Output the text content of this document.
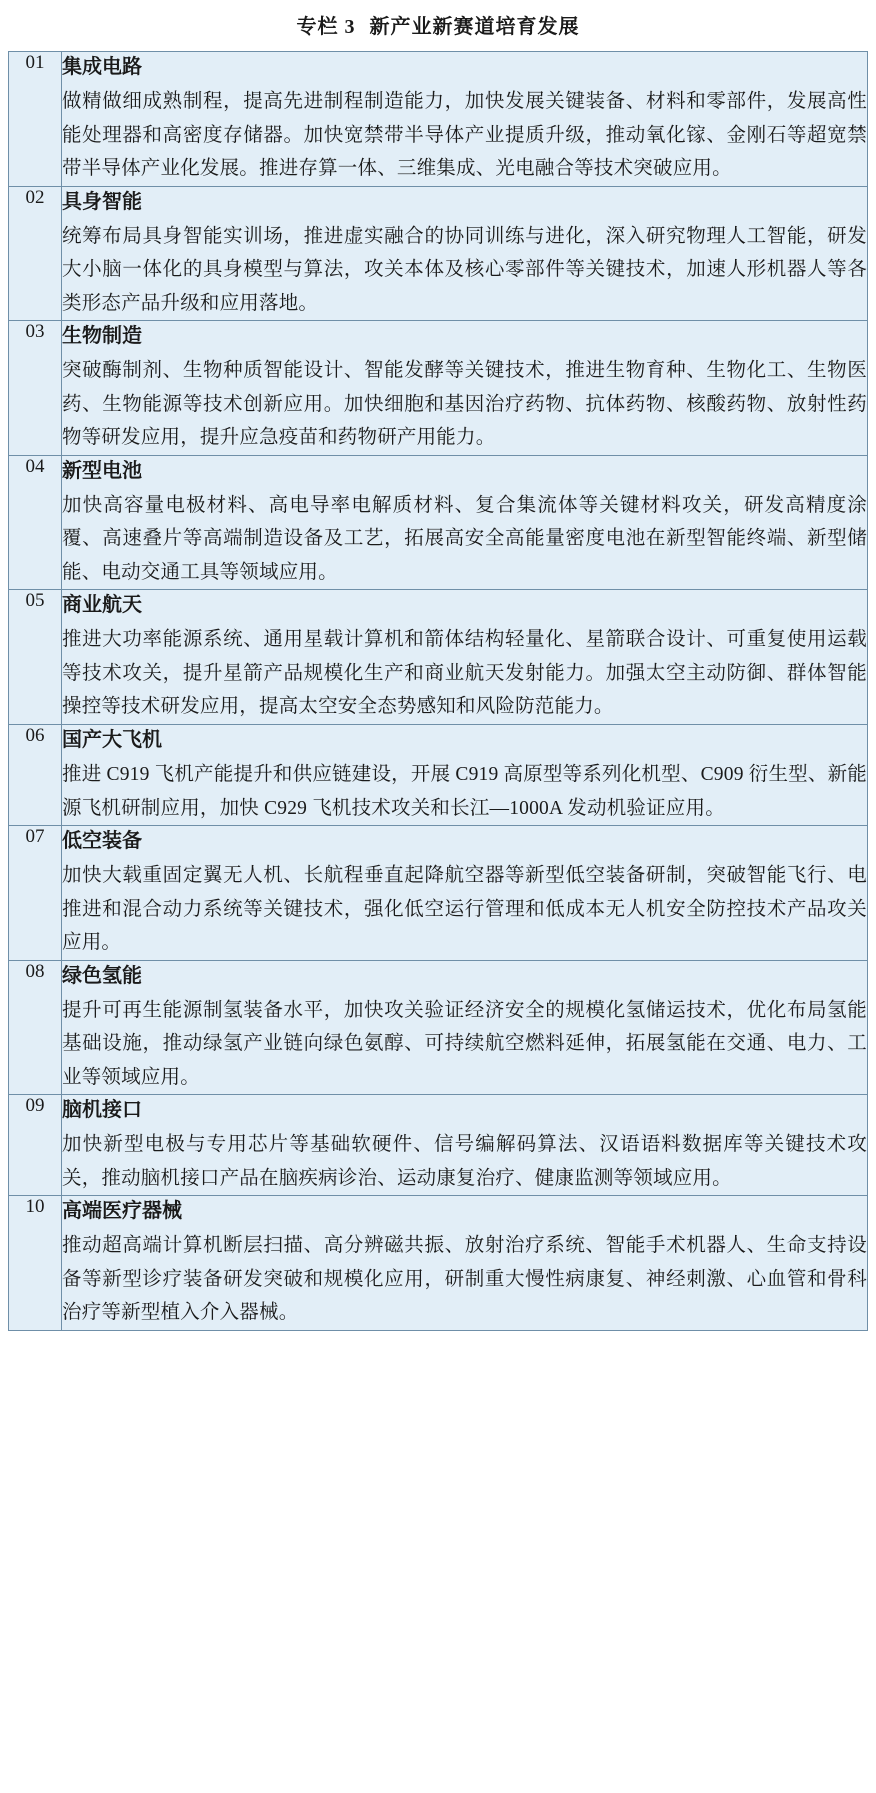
专栏 3 新产业新赛道培育发展
01	集成电路
做精做细成熟制程，提高先进制程制造能力，加快发展关键装备、材料和零部件，发展高性能处理器和高密度存储器。加快宽禁带半导体产业提质升级，推动氧化镓、金刚石等超宽禁带半导体产业化发展。推进存算一体、三维集成、光电融合等技术突破应用。

02	具身智能
统筹布局具身智能实训场，推进虚实融合的协同训练与进化，深入研究物理人工智能，研发大小脑一体化的具身模型与算法，攻关本体及核心零部件等关键技术，加速人形机器人等各类形态产品升级和应用落地。

03	生物制造
突破酶制剂、生物种质智能设计、智能发酵等关键技术，推进生物育种、生物化工、生物医药、生物能源等技术创新应用。加快细胞和基因治疗药物、抗体药物、核酸药物、放射性药物等研发应用，提升应急疫苗和药物研产用能力。

04	新型电池
加快高容量电极材料、高电导率电解质材料、复合集流体等关键材料攻关，研发高精度涂覆、高速叠片等高端制造设备及工艺，拓展高安全高能量密度电池在新型智能终端、新型储能、电动交通工具等领域应用。

05	商业航天
推进大功率能源系统、通用星载计算机和箭体结构轻量化、星箭联合设计、可重复使用运载等技术攻关，提升星箭产品规模化生产和商业航天发射能力。加强太空主动防御、群体智能操控等技术研发应用，提高太空安全态势感知和风险防范能力。

06	国产大飞机
推进 C919 飞机产能提升和供应链建设，开展 C919 高原型等系列化机型、C909 衍生型、新能源飞机研制应用，加快 C929 飞机技术攻关和长江—1000A 发动机验证应用。

07	低空装备
加快大载重固定翼无人机、长航程垂直起降航空器等新型低空装备研制，突破智能飞行、电推进和混合动力系统等关键技术，强化低空运行管理和低成本无人机安全防控技术产品攻关应用。

08	绿色氢能
提升可再生能源制氢装备水平，加快攻关验证经济安全的规模化氢储运技术，优化布局氢能基础设施，推动绿氢产业链向绿色氨醇、可持续航空燃料延伸，拓展氢能在交通、电力、工业等领域应用。

09	脑机接口
加快新型电极与专用芯片等基础软硬件、信号编解码算法、汉语语料数据库等关键技术攻关，推动脑机接口产品在脑疾病诊治、运动康复治疗、健康监测等领域应用。

10	高端医疗器械
推动超高端计算机断层扫描、高分辨磁共振、放射治疗系统、智能手术机器人、生命支持设备等新型诊疗装备研发突破和规模化应用，研制重大慢性病康复、神经刺激、心血管和骨科治疗等新型植入介入器械。
